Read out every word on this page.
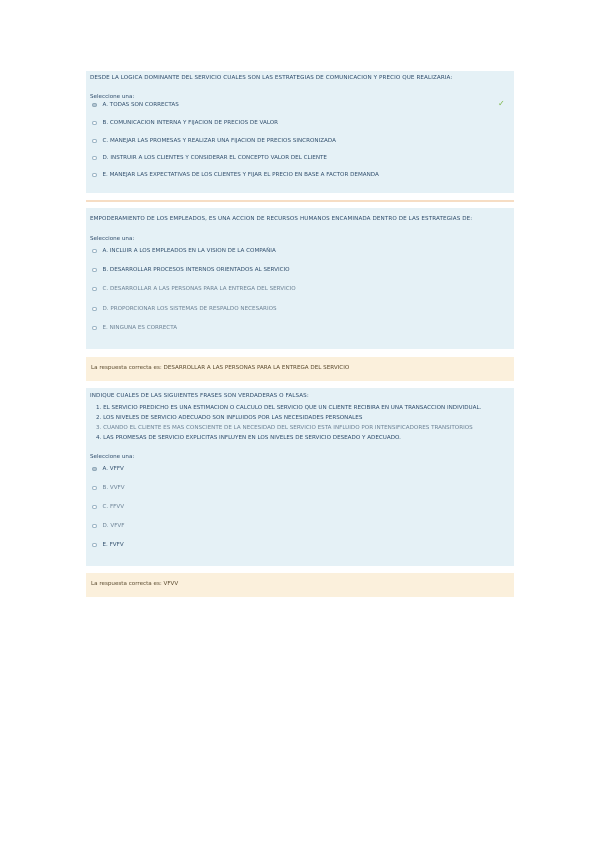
DESDE LA LOGICA DOMINANTE DEL SERVICIO CUALES SON LAS ESTRATEGIAS DE COMUNICACION Y PRECIO QUE REALIZARIA:
Seleccione una:
A. TODAS SON CORRECTAS	✓
B. COMUNICACION INTERNA Y FIJACION DE PRECIOS DE VALOR
C. MANEJAR LAS PROMESAS Y REALIZAR UNA FIJACION DE PRECIOS SINCRONIZADA
D. INSTRUIR A LOS CLIENTES Y CONSIDERAR EL CONCEPTO VALOR DEL CLIENTE
E. MANEJAR LAS EXPECTATIVAS DE LOS CLIENTES Y FIJAR EL PRECIO EN BASE A FACTOR DEMANDA
EMPODERAMIENTO DE LOS EMPLEADOS, ES UNA ACCION DE RECURSOS HUMANOS ENCAMINADA DENTRO DE LAS ESTRATEGIAS DE:
Seleccione una:
A. INCLUIR A LOS EMPLEADOS EN LA VISION DE LA COMPAÑIA
B. DESARROLLAR PROCESOS INTERNOS ORIENTADOS AL SERVICIO
C. DESARROLLAR A LAS PERSONAS PARA LA ENTREGA DEL SERVICIO
D. PROPORCIONAR LOS SISTEMAS DE RESPALDO NECESARIOS
E. NINGUNA ES CORRECTA
La respuesta correcta es: DESARROLLAR A LAS PERSONAS PARA LA ENTREGA DEL SERVICIO
INDIQUE CUALES DE LAS SIGUIENTES FRASES SON VERDADERAS O FALSAS:
1. EL SERVICIO PREDICHO ES UNA ESTIMACION O CALCULO DEL SERVICIO QUE UN CLIENTE RECIBIRA EN UNA TRANSACCION INDIVIDUAL.
2. LOS NIVELES DE SERVICIO ADECUADO SON INFLUIDOS POR LAS NECESIDADES PERSONALES
3. CUANDO EL CLIENTE ES MAS CONSCIENTE DE LA NECESIDAD DEL SERVICIO ESTA INFLUIDO POR INTENSIFICADORES TRANSITORIOS
4. LAS PROMESAS DE SERVICIO EXPLICITAS INFLUYEN EN LOS NIVELES DE SERVICIO DESEADO Y ADECUADO.
Seleccione una:
A. VFFV
B. VVFV
C. FFVV
D. VFVF
E. FVFV
La respuesta correcta es: VFVV
